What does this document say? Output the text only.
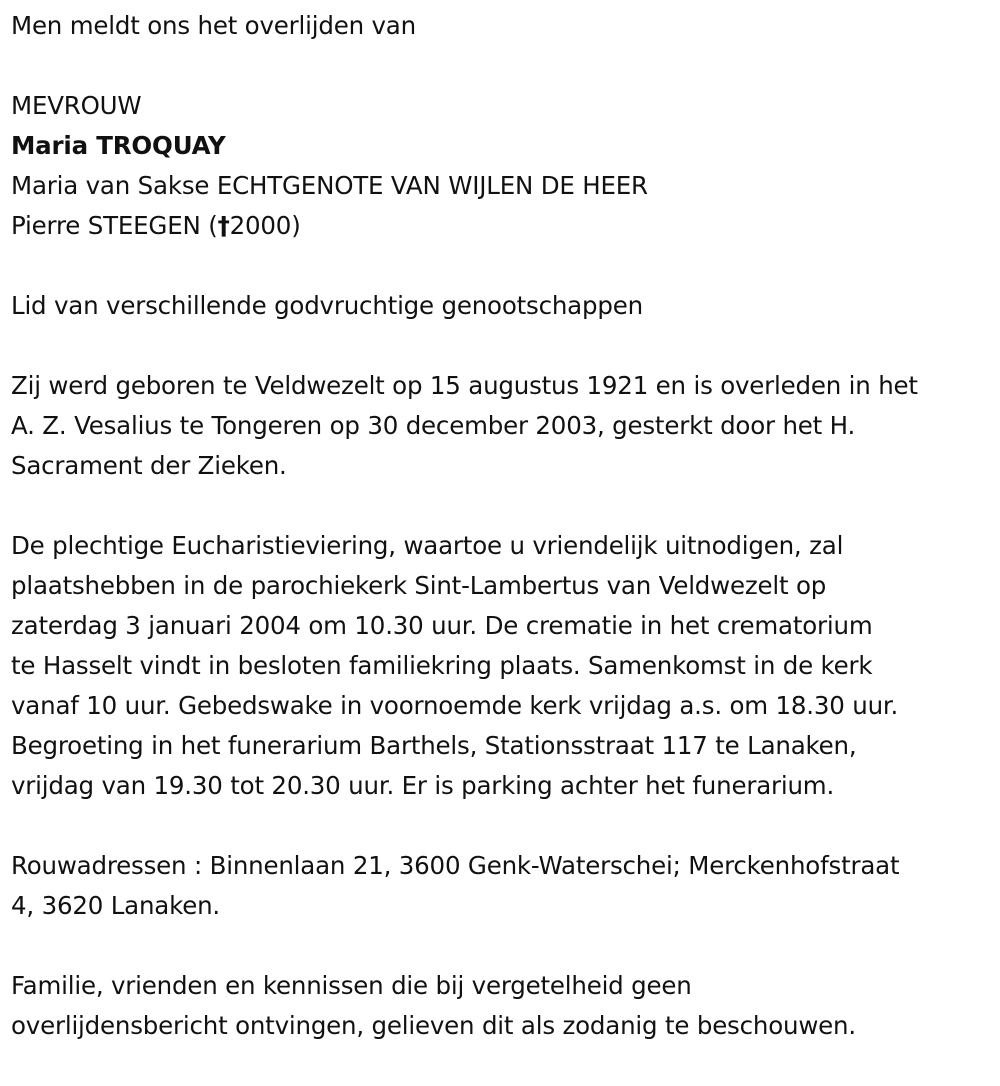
Men meldt ons het overlijden van
MEVROUW
Maria TROQUAY
Maria van Sakse ECHTGENOTE VAN WIJLEN DE HEER
Pierre STEEGEN (†2000)
Lid van verschillende godvruchtige genootschappen
Zij werd geboren te Veldwezelt op 15 augustus 1921 en is overleden in het
A. Z. Vesalius te Tongeren op 30 december 2003, gesterkt door het H.
Sacrament der Zieken.
De plechtige Eucharistieviering, waartoe u vriendelijk uitnodigen, zal
plaatshebben in de parochiekerk Sint-Lambertus van Veldwezelt op
zaterdag 3 januari 2004 om 10.30 uur. De crematie in het crematorium
te Hasselt vindt in besloten familiekring plaats. Samenkomst in de kerk
vanaf 10 uur. Gebedswake in voornoemde kerk vrijdag a.s. om 18.30 uur.
Begroeting in het funerarium Barthels, Stationsstraat 117 te Lanaken,
vrijdag van 19.30 tot 20.30 uur. Er is parking achter het funerarium.
Rouwadressen : Binnenlaan 21, 3600 Genk-Waterschei; Merckenhofstraat
4, 3620 Lanaken.
Familie, vrienden en kennissen die bij vergetelheid geen
overlijdensbericht ontvingen, gelieven dit als zodanig te beschouwen.
